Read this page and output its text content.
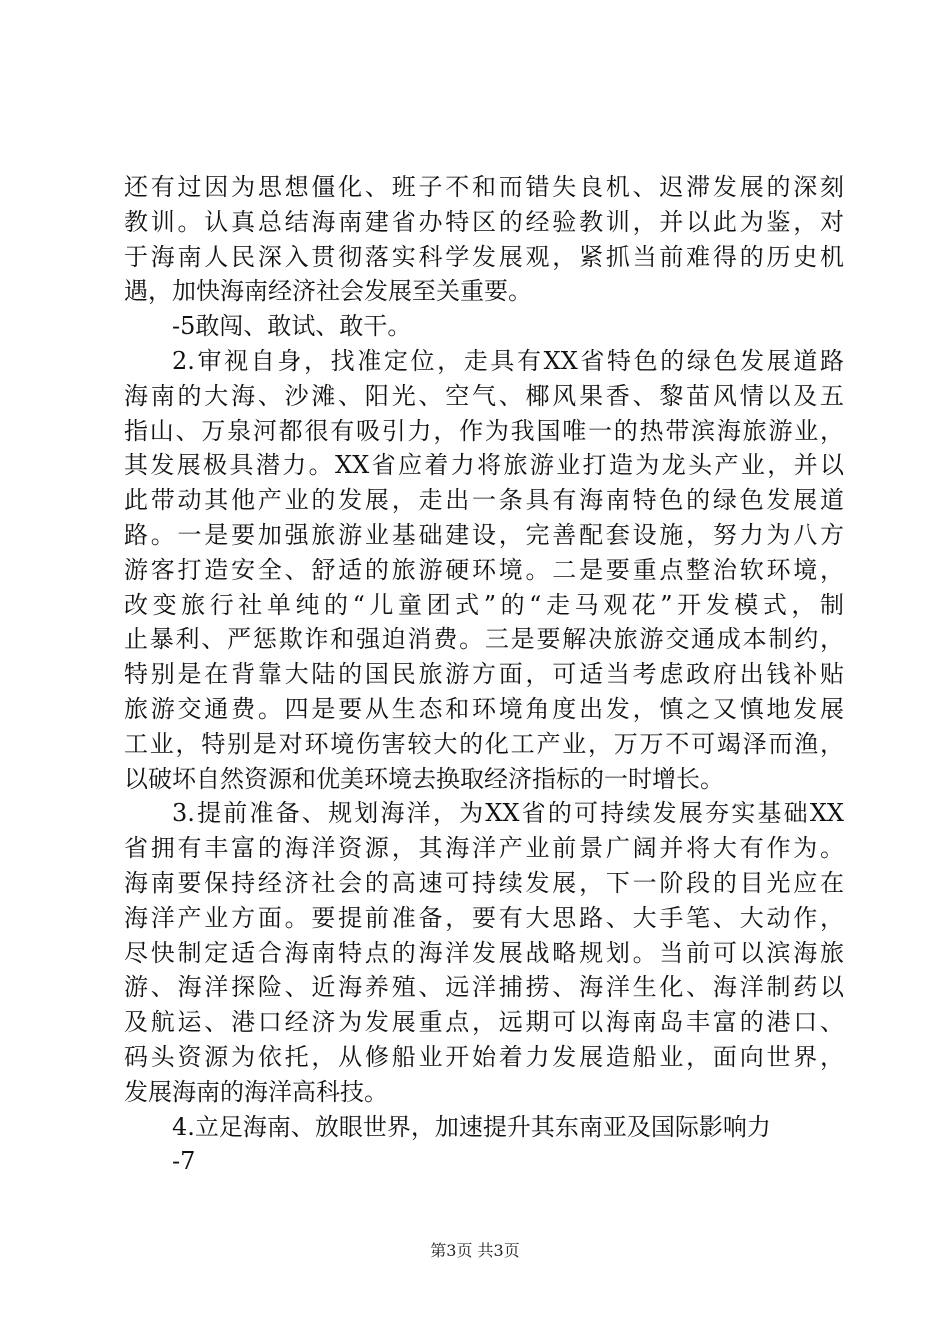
还有过因为思想僵化、班子不和而错失良机、迟滞发展的深刻
教训。认真总结海南建省办特区的经验教训，并以此为鉴，对
于海南人民深入贯彻落实科学发展观，紧抓当前难得的历史机
遇，加快海南经济社会发展至关重要。
-5敢闯、敢试、敢干。
2.审视自身，找准定位，走具有XX省特色的绿色发展道路
海南的大海、沙滩、阳光、空气、椰风果香、黎苗风情以及五
指山、万泉河都很有吸引力，作为我国唯一的热带滨海旅游业，
其发展极具潜力。XX省应着力将旅游业打造为龙头产业，并以
此带动其他产业的发展，走出一条具有海南特色的绿色发展道
路。一是要加强旅游业基础建设，完善配套设施，努力为八方
游客打造安全、舒适的旅游硬环境。二是要重点整治软环境，
改变旅行社单纯的“儿童团式”的“走马观花”开发模式，制
止暴利、严惩欺诈和强迫消费。三是要解决旅游交通成本制约，
特别是在背靠大陆的国民旅游方面，可适当考虑政府出钱补贴
旅游交通费。四是要从生态和环境角度出发，慎之又慎地发展
工业，特别是对环境伤害较大的化工产业，万万不可竭泽而渔，
以破坏自然资源和优美环境去换取经济指标的一时增长。
3.提前准备、规划海洋，为XX省的可持续发展夯实基础XX
省拥有丰富的海洋资源，其海洋产业前景广阔并将大有作为。
海南要保持经济社会的高速可持续发展，下一阶段的目光应在
海洋产业方面。要提前准备，要有大思路、大手笔、大动作，
尽快制定适合海南特点的海洋发展战略规划。当前可以滨海旅
游、海洋探险、近海养殖、远洋捕捞、海洋生化、海洋制药以
及航运、港口经济为发展重点，远期可以海南岛丰富的港口、
码头资源为依托，从修船业开始着力发展造船业，面向世界，
发展海南的海洋高科技。
4.立足海南、放眼世界，加速提升其东南亚及国际影响力
-7
第3页 共3页
